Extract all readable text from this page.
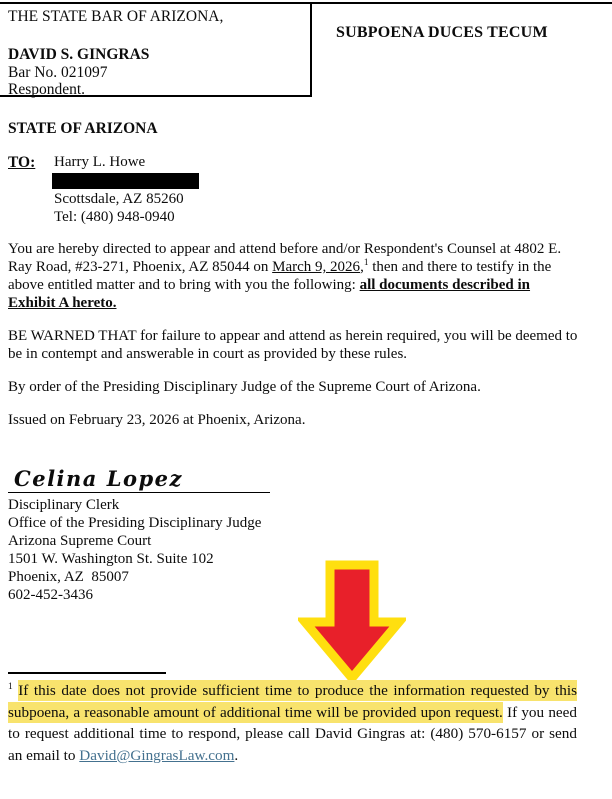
THE STATE BAR OF ARIZONA,
DAVID S. GINGRAS
Bar No. 021097
Respondent.
SUBPOENA DUCES TECUM
STATE OF ARIZONA
TO:	Harry L. Howe
Scottsdale, AZ 85260
Tel: (480) 948-0940

You are hereby directed to appear and attend before and/or Respondent's Counsel at 4802 E. Ray Road, #23-271, Phoenix, AZ 85044 on March 9, 2026,$^1$ then and there to testify in the above entitled matter and to bring with you the following: all documents described in Exhibit A hereto.

BE WARNED THAT for failure to appear and attend as herein required, you will be deemed to be in contempt and answerable in court as provided by these rules.

By order of the Presiding Disciplinary Judge of the Supreme Court of Arizona.

Issued on February 23, 2026 at Phoenix, Arizona.

Celina Lopez
Disciplinary Clerk
Office of the Presiding Disciplinary Judge
Arizona Supreme Court
1501 W. Washington St. Suite 102
Phoenix, AZ  85007
602-452-3436
$^1$ If this date does not provide sufficient time to produce the information requested by this subpoena, a reasonable amount of additional time will be provided upon request. If you need to request additional time to respond, please call David Gingras at: (480) 570-6157 or send an email to David@GingrasLaw.com.
